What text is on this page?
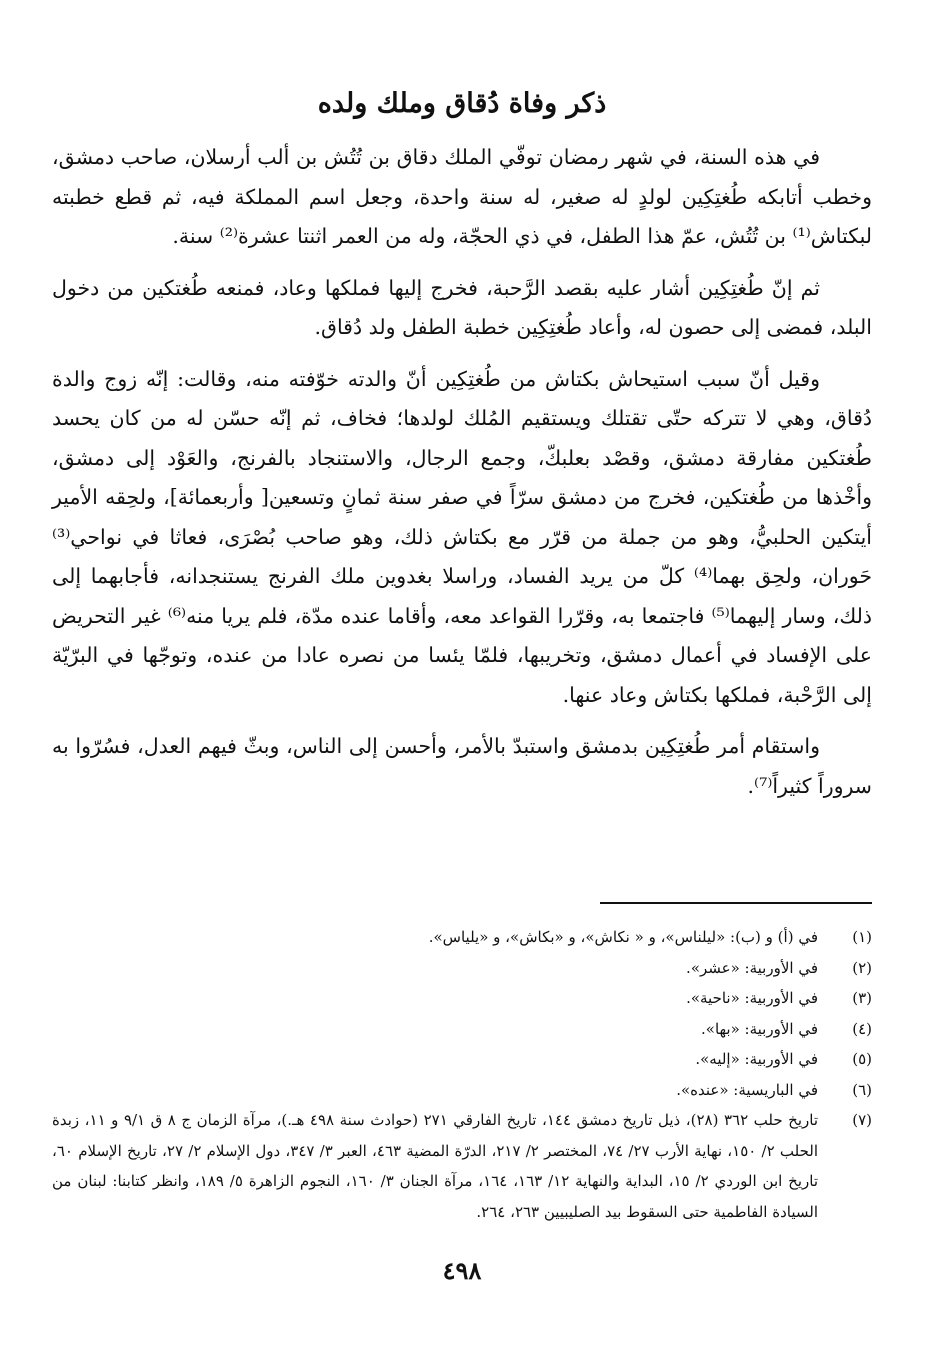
ذكر وفاة دُقاق وملك ولده

في هذه السنة، في شهر رمضان توفّي الملك دقاق بن تُتُش بن ألب أرسلان، صاحب دمشق، وخطب أتابكه طُغتِكِين لولدٍ له صغير، له سنة واحدة، وجعل اسم المملكة فيه، ثم قطع خطبته لبكتاش⁽¹⁾ بن تُتُش، عمّ هذا الطفل، في ذي الحجّة، وله من العمر اثنتا عشرة⁽²⁾ سنة.

ثم إنّ طُغتِكِين أشار عليه بقصد الرَّحبة، فخرج إليها فملكها وعاد، فمنعه طُغتكين من دخول البلد، فمضى إلى حصون له، وأعاد طُغتِكِين خطبة الطفل ولد دُقاق.

وقيل أنّ سبب استيحاش بكتاش من طُغتِكِين أنّ والدته خوّفته منه، وقالت: إنّه زوج والدة دُقاق، وهي لا تتركه حتّى تقتلك ويستقيم المُلك لولدها؛ فخاف، ثم إنّه حسّن له من كان يحسد طُغتكين مفارقة دمشق، وقصْد بعلبكّ، وجمع الرجال، والاستنجاد بالفرنج، والعَوْد إلى دمشق، وأخْذها من طُغتكين، فخرج من دمشق سرّاً في صفر سنة ثمانٍ وتسعين[ وأربعمائة]، ولحِقه الأمير أيتكين الحلبيُّ، وهو من جملة من قرّر مع بكتاش ذلك، وهو صاحب بُصْرَى، فعاثا في نواحي⁽³⁾ حَوران، ولحِق بهما⁽⁴⁾ كلّ من يريد الفساد، وراسلا بغدوين ملك الفرنج يستنجدانه، فأجابهما إلى ذلك، وسار إليهما⁽⁵⁾ فاجتمعا به، وقرّرا القواعد معه، وأقاما عنده مدّة، فلم يريا منه⁽⁶⁾ غير التحريض على الإفساد في أعمال دمشق، وتخريبها، فلمّا يئسا من نصره عادا من عنده، وتوجّها في البرّيّة إلى الرَّحْبة، فملكها بكتاش وعاد عنها.

واستقام أمر طُغتِكِين بدمشق واستبدّ بالأمر، وأحسن إلى الناس، وبثّ فيهم العدل، فسُرّوا به سروراً كثيراً⁽⁷⁾.

(١)
في (أ) و (ب): «ليلناس»، و « نكاش»، و «بكاش»، و «يلياس».
(٢)
في الأوربية: «عشر».
(٣)
في الأوربية: «ناحية».
(٤)
في الأوربية: «بها».
(٥)
في الأوربية: «إليه».
(٦)
في الباريسية: «عنده».
(٧)
تاريخ حلب ٣٦٢ (٢٨)، ذيل تاريخ دمشق ١٤٤، تاريخ الفارقي ٢٧١ (حوادث سنة ٤٩٨ هـ.)، مرآة الزمان ج ٨ ق ٩/١ و ١١، زبدة الحلب ٢/ ١٥٠، نهاية الأرب ٢٧/ ٧٤، المختصر ٢/ ٢١٧، الدرّة المضية ٤٦٣، العبر ٣/ ٣٤٧، دول الإسلام ٢/ ٢٧، تاريخ الإسلام ٦٠، تاريخ ابن الوردي ٢/ ١٥، البداية والنهاية ١٢/ ١٦٣، ١٦٤، مرآة الجنان ٣/ ١٦٠، النجوم الزاهرة ٥/ ١٨٩، وانظر كتابنا: لبنان من السيادة الفاطمية حتى السقوط بيد الصليبيين ٢٦٣، ٢٦٤.
٤٩٨
